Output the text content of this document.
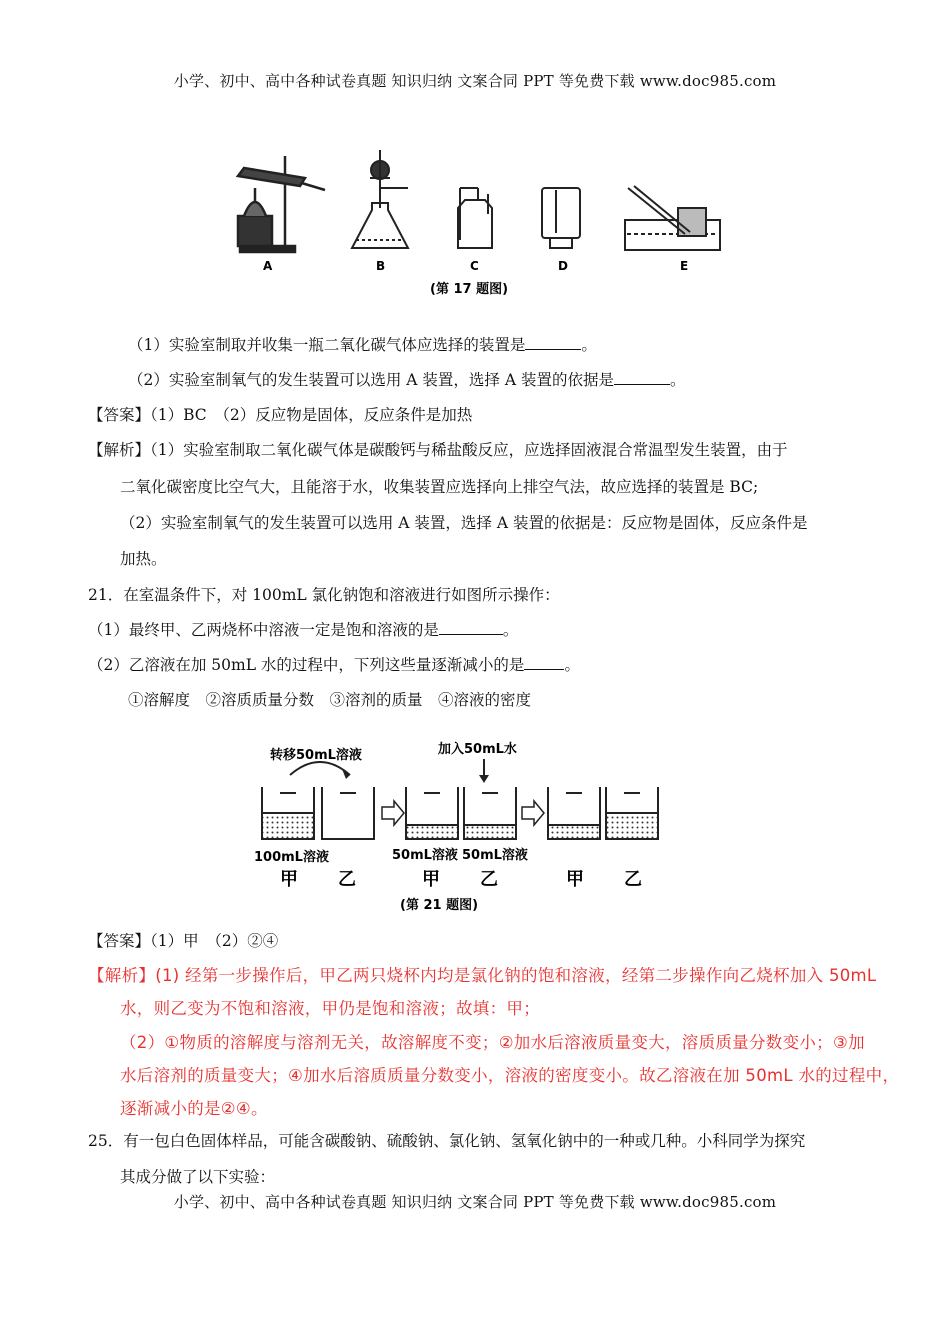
小学、初中、高中各种试卷真题 知识归纳 文案合同 PPT 等免费下载 www.doc985.com
A	B	C	D	E
(第 17 题图)
（1）实验室制取并收集一瓶二氧化碳气体应选择的装置是	。
（2）实验室制氧气的发生装置可以选用 A 装置，选择 A 装置的依据是	。
【答案】（1）BC　（2）反应物是固体，反应条件是加热
【解析】（1）实验室制取二氧化碳气体是碳酸钙与稀盐酸反应，应选择固液混合常温型发生装置，由于
二氧化碳密度比空气大，且能溶于水，收集装置应选择向上排空气法，故应选择的装置是 BC;
（2）实验室制氧气的发生装置可以选用 A 装置，选择 A 装置的依据是：反应物是固体，反应条件是
加热。
21．在室温条件下，对 100mL 氯化钠饱和溶液进行如图所示操作：
（1）最终甲、乙两烧杯中溶液一定是饱和溶液的是	。
（2）乙溶液在加 50mL 水的过程中，下列这些量逐渐减小的是	。
①溶解度　②溶质质量分数　③溶剂的质量　④溶液的密度
转移50mL溶液	加入50mL水
100mL溶液	50mL溶液 50mL溶液
甲 乙	甲 乙	甲 乙
(第 21 题图)
【答案】（1）甲　（2）②④
【解析】(1) 经第一步操作后，甲乙两只烧杯内均是氯化钠的饱和溶液，经第二步操作向乙烧杯加入 50mL
水，则乙变为不饱和溶液，甲仍是饱和溶液；故填：甲；
（2）①物质的溶解度与溶剂无关，故溶解度不变；②加水后溶液质量变大，溶质质量分数变小；③加
水后溶剂的质量变大；④加水后溶质质量分数变小，溶液的密度变小。故乙溶液在加 50mL 水的过程中，
逐渐减小的是②④。
25．有一包白色固体样品，可能含碳酸钠、硫酸钠、氯化钠、氢氧化钠中的一种或几种。小科同学为探究
其成分做了以下实验：
小学、初中、高中各种试卷真题 知识归纳 文案合同 PPT 等免费下载 www.doc985.com
